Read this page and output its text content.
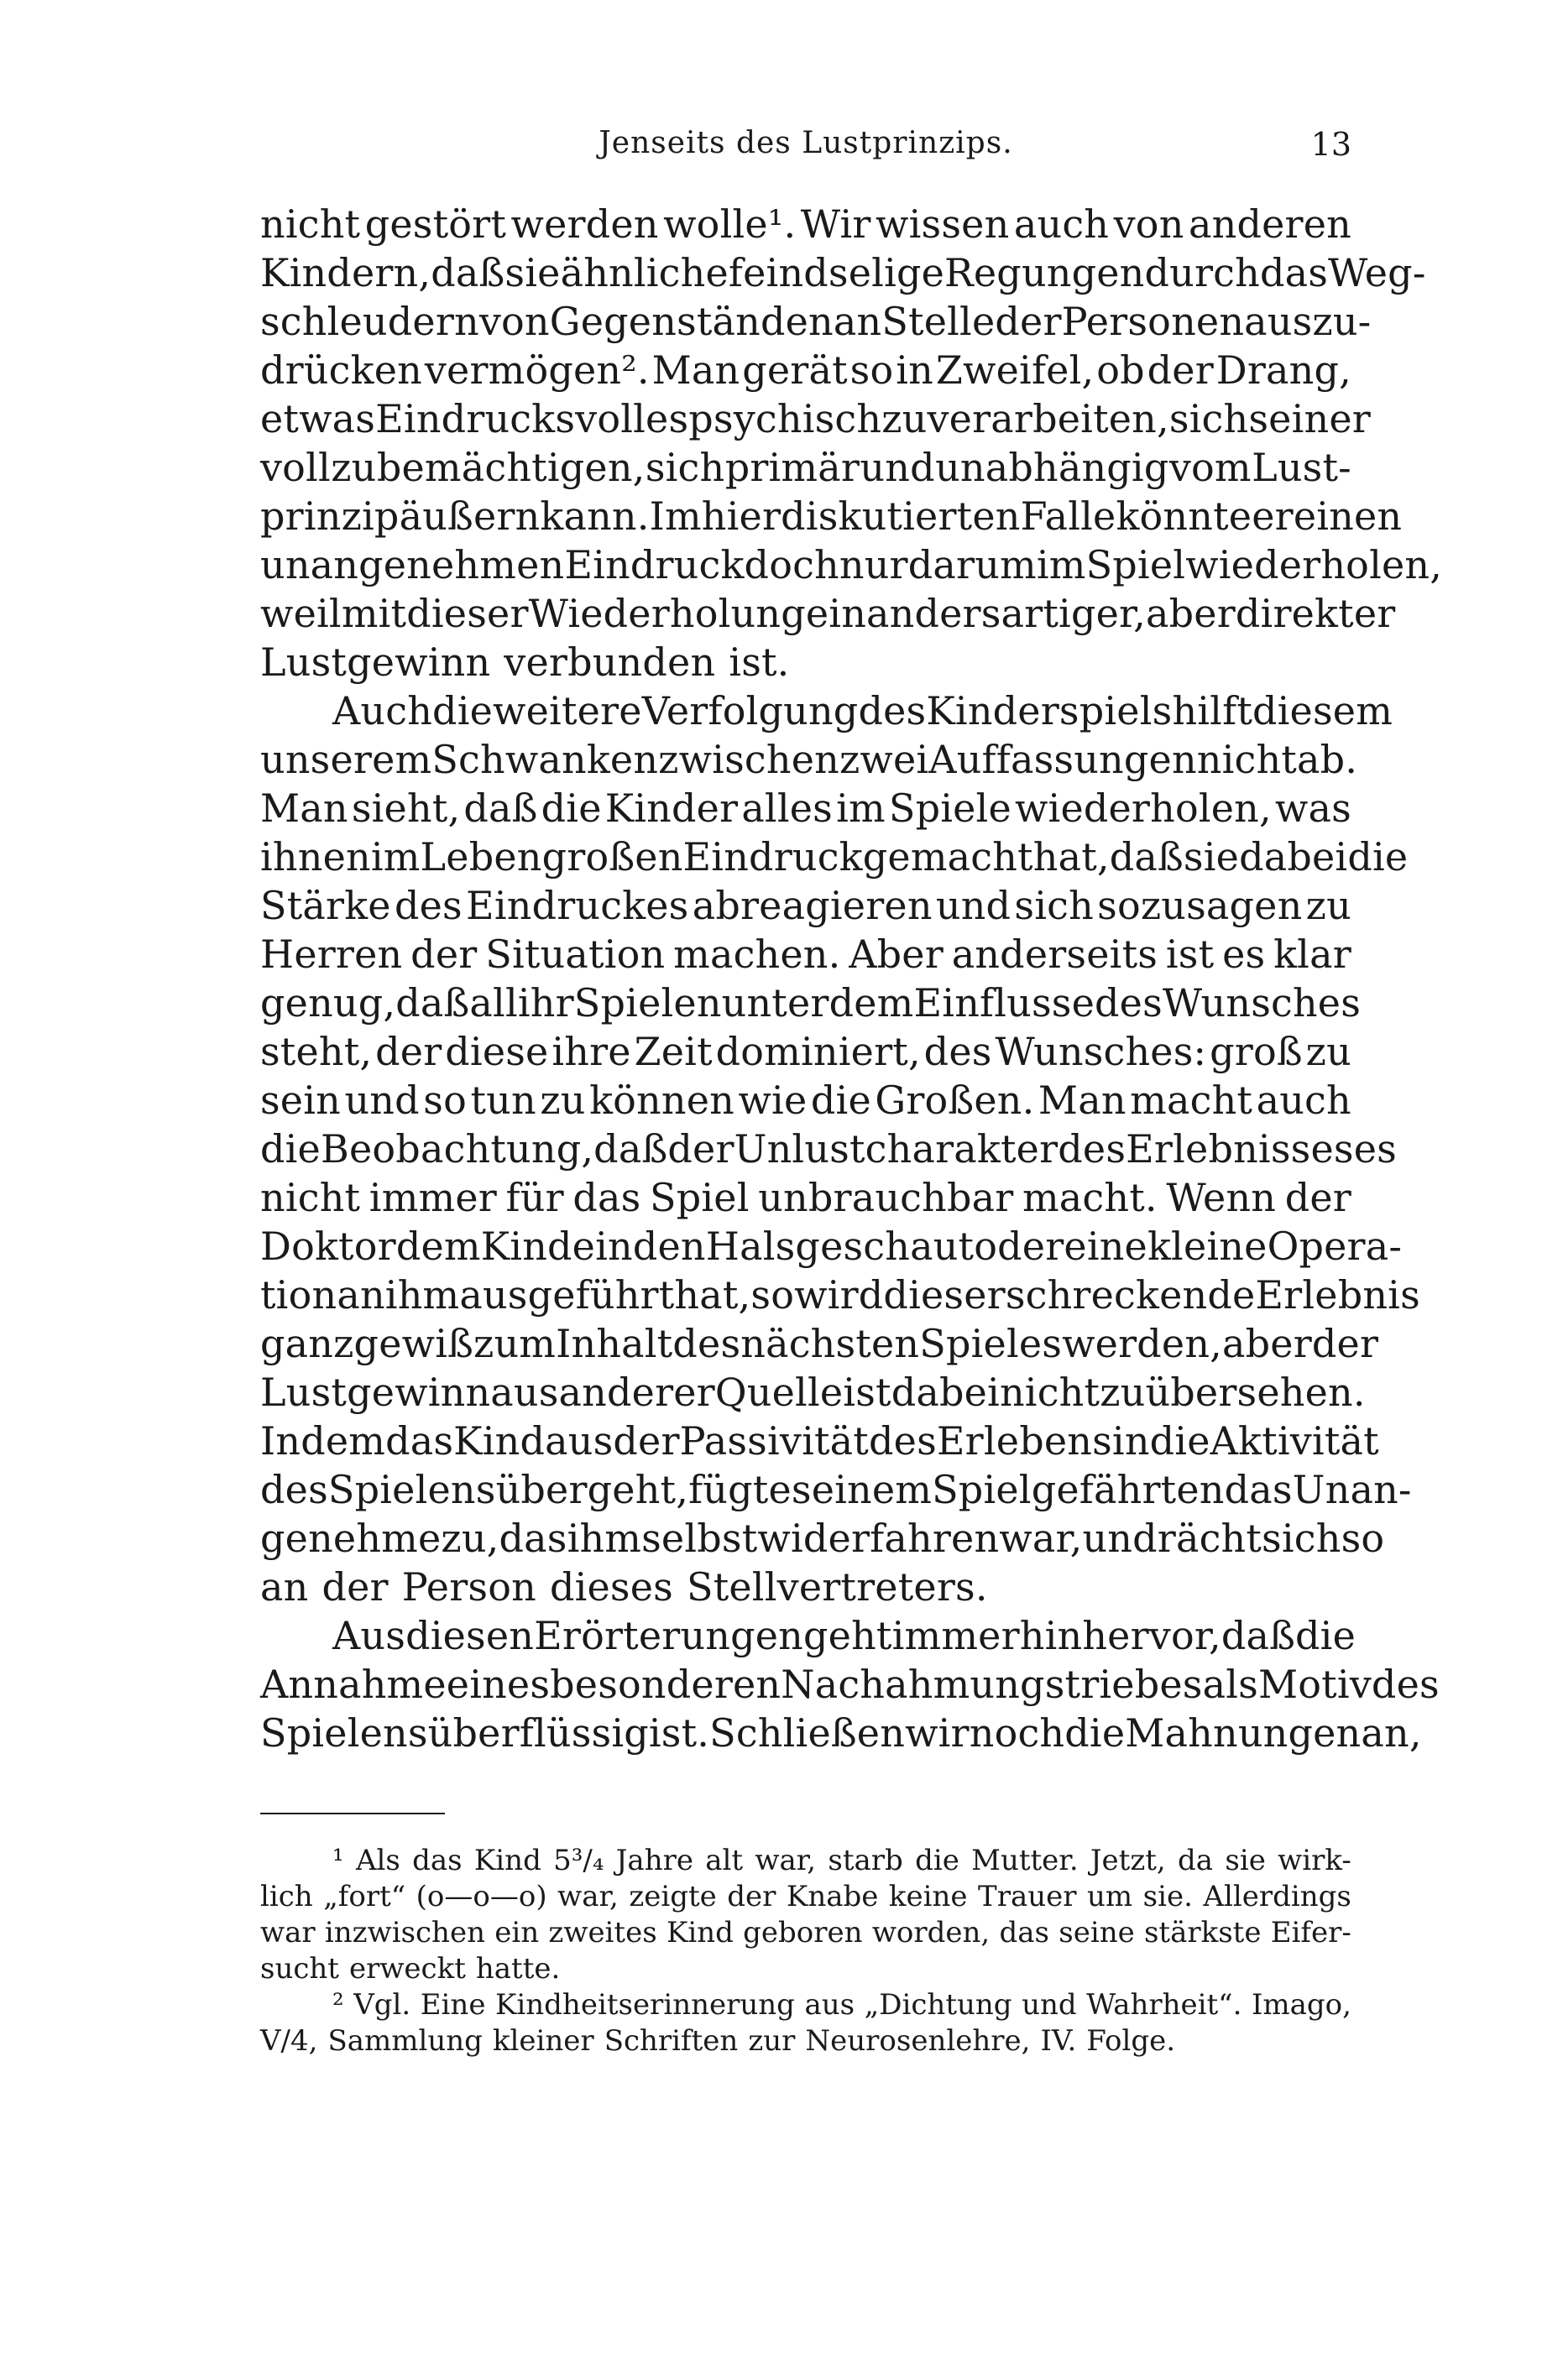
Jenseits des Lustprinzips.	13
nicht gestört werden wolle¹. Wir wissen auch von anderen
Kindern, daß sie ähnliche feindselige Regungen durch das Weg-
schleudern von Gegenständen an Stelle der Personen auszu-
drücken vermögen². Man gerät so in Zweifel, ob der Drang,
etwas Eindrucksvolles psychisch zu verarbeiten, sich seiner
voll zu bemächtigen, sich primär und unabhängig vom Lust-
prinzip äußern kann. Im hier diskutierten Falle könnte er einen
unangenehmen Eindruck doch nur darum im Spiel wiederholen,
weil mit dieser Wiederholung ein andersartiger, aber direkter
Lustgewinn verbunden ist.
Auch die weitere Verfolgung des Kinderspiels hilft diesem
unserem Schwanken zwischen zwei Auffassungen nicht ab.
Man sieht, daß die Kinder alles im Spiele wiederholen, was
ihnen im Leben großen Eindruck gemacht hat, daß sie dabei die
Stärke des Eindruckes abreagieren und sich sozusagen zu
Herren der Situation machen. Aber anderseits ist es klar
genug, daß all ihr Spielen unter dem Einflusse des Wunsches
steht, der diese ihre Zeit dominiert, des Wunsches: groß zu
sein und so tun zu können wie die Großen. Man macht auch
die Beobachtung, daß der Unlustcharakter des Erlebnisses es
nicht immer für das Spiel unbrauchbar macht. Wenn der
Doktor dem Kinde in den Hals geschaut oder eine kleine Opera-
tion an ihm ausgeführt hat, so wird dies erschreckende Erlebnis
ganz gewiß zum Inhalt des nächsten Spieles werden, aber der
Lustgewinn aus anderer Quelle ist dabei nicht zu übersehen.
Indem das Kind aus der Passivität des Erlebens in die Aktivität
des Spielens übergeht, fügt es einem Spielgefährten das Unan-
genehme zu, das ihm selbst widerfahren war, und rächt sich so
an der Person dieses Stellvertreters.
Aus diesen Erörterungen geht immerhin hervor, daß die
Annahme eines besonderen Nachahmungstriebes als Motiv des
Spielens überflüssig ist. Schließen wir noch die Mahnungen an,
¹ Als das Kind 5³/₄ Jahre alt war, starb die Mutter. Jetzt, da sie wirk-
lich „fort“ (o—o—o) war, zeigte der Knabe keine Trauer um sie. Allerdings
war inzwischen ein zweites Kind geboren worden, das seine stärkste Eifer-
sucht erweckt hatte.
² Vgl. Eine Kindheitserinnerung aus „Dichtung und Wahrheit“. Imago,
V/4, Sammlung kleiner Schriften zur Neurosenlehre, IV. Folge.
